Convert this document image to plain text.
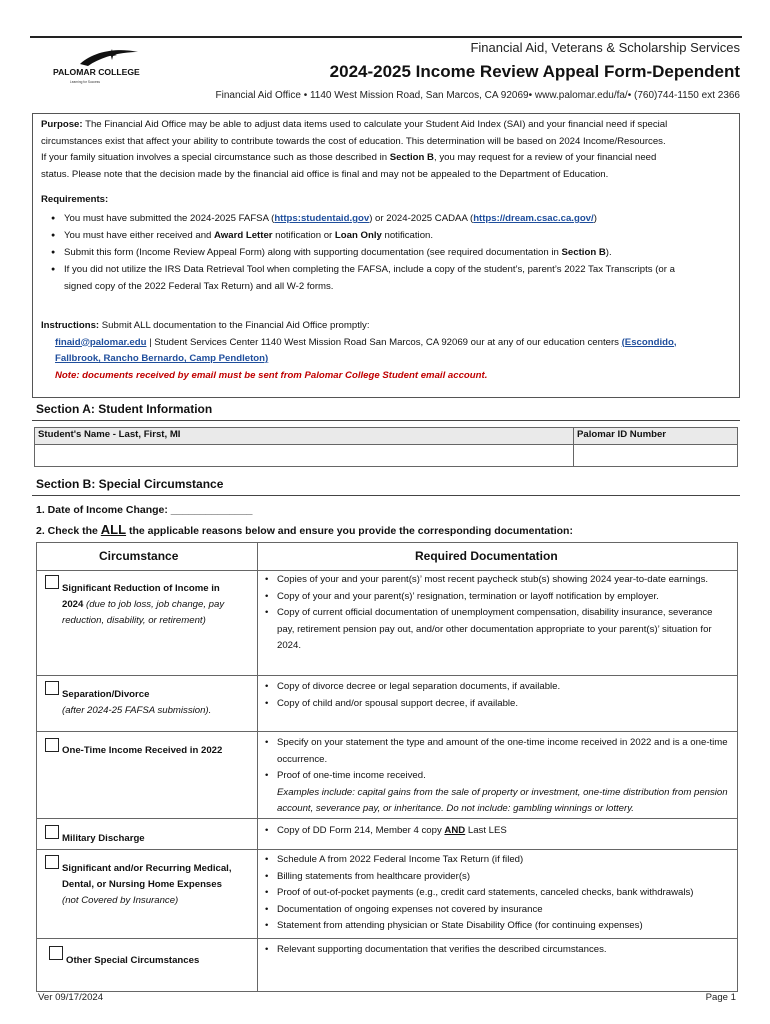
PALOMAR COLLEGE
Learning for Success
Financial Aid, Veterans & Scholarship Services
2024-2025 Income Review Appeal Form-Dependent
Financial Aid Office • 1140 West Mission Road, San Marcos, CA 92069• www.palomar.edu/fa/• (760)744-1150 ext 2366

Purpose: The Financial Aid Office may be able to adjust data items used to calculate your Student Aid Index (SAI) and your financial need if special
circumstances exist that affect your ability to contribute towards the cost of education. This determination will be based on 2024 Income/Resources.
If your family situation involves a special circumstance such as those described in Section B, you may request for a review of your financial need
status. Please note that the decision made by the financial aid office is final and may not be appealed to the Department of Education.

Requirements:

● You must have submitted the 2024-2025 FAFSA (https:studentaid.gov) or 2024-2025 CADAA (https://dream.csac.ca.gov/)
● You must have either received and Award Letter notification or Loan Only notification.
● Submit this form (Income Review Appeal Form) along with supporting documentation (see required documentation in Section B).
● If you did not utilize the IRS Data Retrieval Tool when completing the FAFSA, include a copy of the student’s, parent’s 2022 Tax Transcripts (or a
signed copy of the 2022 Federal Tax Return) and all W-2 forms.

Instructions: Submit ALL documentation to the Financial Aid Office promptly:
finaid@palomar.edu | Student Services Center 1140 West Mission Road San Marcos, CA 92069 our at any of our education centers (Escondido,
Fallbrook, Rancho Bernardo, Camp Pendleton)
Note: documents received by email must be sent from Palomar College Student email account.

Section A: Student Information
Student's Name - Last, First, MI	Palomar ID Number

Section B: Special Circumstance
1. Date of Income Change: ______________
2. Check the ALL the applicable reasons below and ensure you provide the corresponding documentation:
Circumstance	Required Documentation
Significant Reduction of Income in 2024 (due to job loss, job change, pay reduction, disability, or retirement)
• Copies of your and your parent(s)’ most recent paycheck stub(s) showing 2024 year-to-date earnings.
• Copy of your and your parent(s)’ resignation, termination or layoff notification by employer.
• Copy of current official documentation of unemployment compensation, disability insurance, severance pay, retirement pension pay out, and/or other documentation appropriate to your parent(s)’ situation for 2024.
Separation/Divorce
(after 2024-25 FAFSA submission).
• Copy of divorce decree or legal separation documents, if available.
• Copy of child and/or spousal support decree, if available.
One-Time Income Received in 2022
• Specify on your statement the type and amount of the one-time income received in 2022 and is a one-time occurrence.
• Proof of one-time income received.
Examples include: capital gains from the sale of property or investment, one-time distribution from pension account, severance pay, or inheritance. Do not include: gambling winnings or lottery.
Military Discharge
• Copy of DD Form 214, Member 4 copy AND Last LES
Significant and/or Recurring Medical, Dental, or Nursing Home Expenses
(not Covered by Insurance)
• Schedule A from 2022 Federal Income Tax Return (if filed)
• Billing statements from healthcare provider(s)
• Proof of out-of-pocket payments (e.g., credit card statements, canceled checks, bank withdrawals)
• Documentation of ongoing expenses not covered by insurance
• Statement from attending physician or State Disability Office (for continuing expenses)
Other Special Circumstances
• Relevant supporting documentation that verifies the described circumstances.
Ver 09/17/2024	Page 1
